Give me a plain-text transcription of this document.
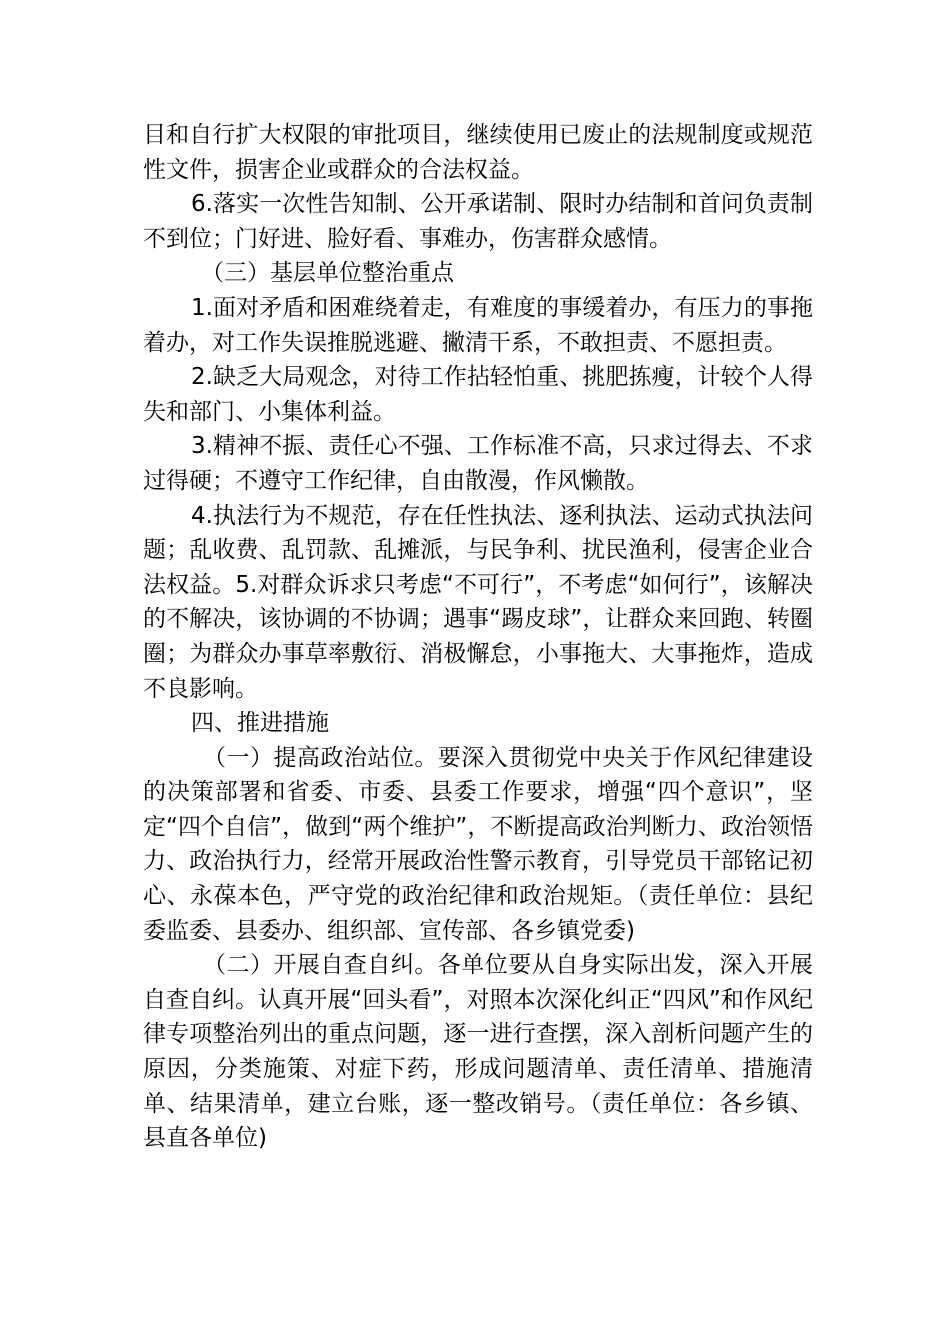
目和自行扩大权限的审批项目，继续使用已废止的法规制度或规范性文件，损害企业或群众的合法权益。

6.落实一次性告知制、公开承诺制、限时办结制和首问负责制不到位；门好进、脸好看、事难办，伤害群众感情。

（三）基层单位整治重点

1.面对矛盾和困难绕着走，有难度的事缓着办，有压力的事拖着办，对工作失误推脱逃避、撇清干系，不敢担责、不愿担责。

2.缺乏大局观念，对待工作拈轻怕重、挑肥拣瘦，计较个人得失和部门、小集体利益。

3.精神不振、责任心不强、工作标准不高，只求过得去、不求过得硬；不遵守工作纪律，自由散漫，作风懒散。

4.执法行为不规范，存在任性执法、逐利执法、运动式执法问题；乱收费、乱罚款、乱摊派，与民争利、扰民渔利，侵害企业合法权益。5.对群众诉求只考虑“不可行”，不考虑“如何行”，该解决的不解决，该协调的不协调；遇事“踢皮球”，让群众来回跑、转圈圈；为群众办事草率敷衍、消极懈怠，小事拖大、大事拖炸，造成不良影响。

四、推进措施

（一）提高政治站位。要深入贯彻党中央关于作风纪律建设的决策部署和省委、市委、县委工作要求，增强“四个意识”，坚定“四个自信”，做到“两个维护”，不断提高政治判断力、政治领悟力、政治执行力，经常开展政治性警示教育，引导党员干部铭记初心、永葆本色，严守党的政治纪律和政治规矩。（责任单位：县纪委监委、县委办、组织部、宣传部、各乡镇党委)

（二）开展自查自纠。各单位要从自身实际出发，深入开展自查自纠。认真开展“回头看”，对照本次深化纠正“四风”和作风纪律专项整治列出的重点问题，逐一进行查摆，深入剖析问题产生的原因，分类施策、对症下药，形成问题清单、责任清单、措施清单、结果清单，建立台账，逐一整改销号。（责任单位：各乡镇、县直各单位)
